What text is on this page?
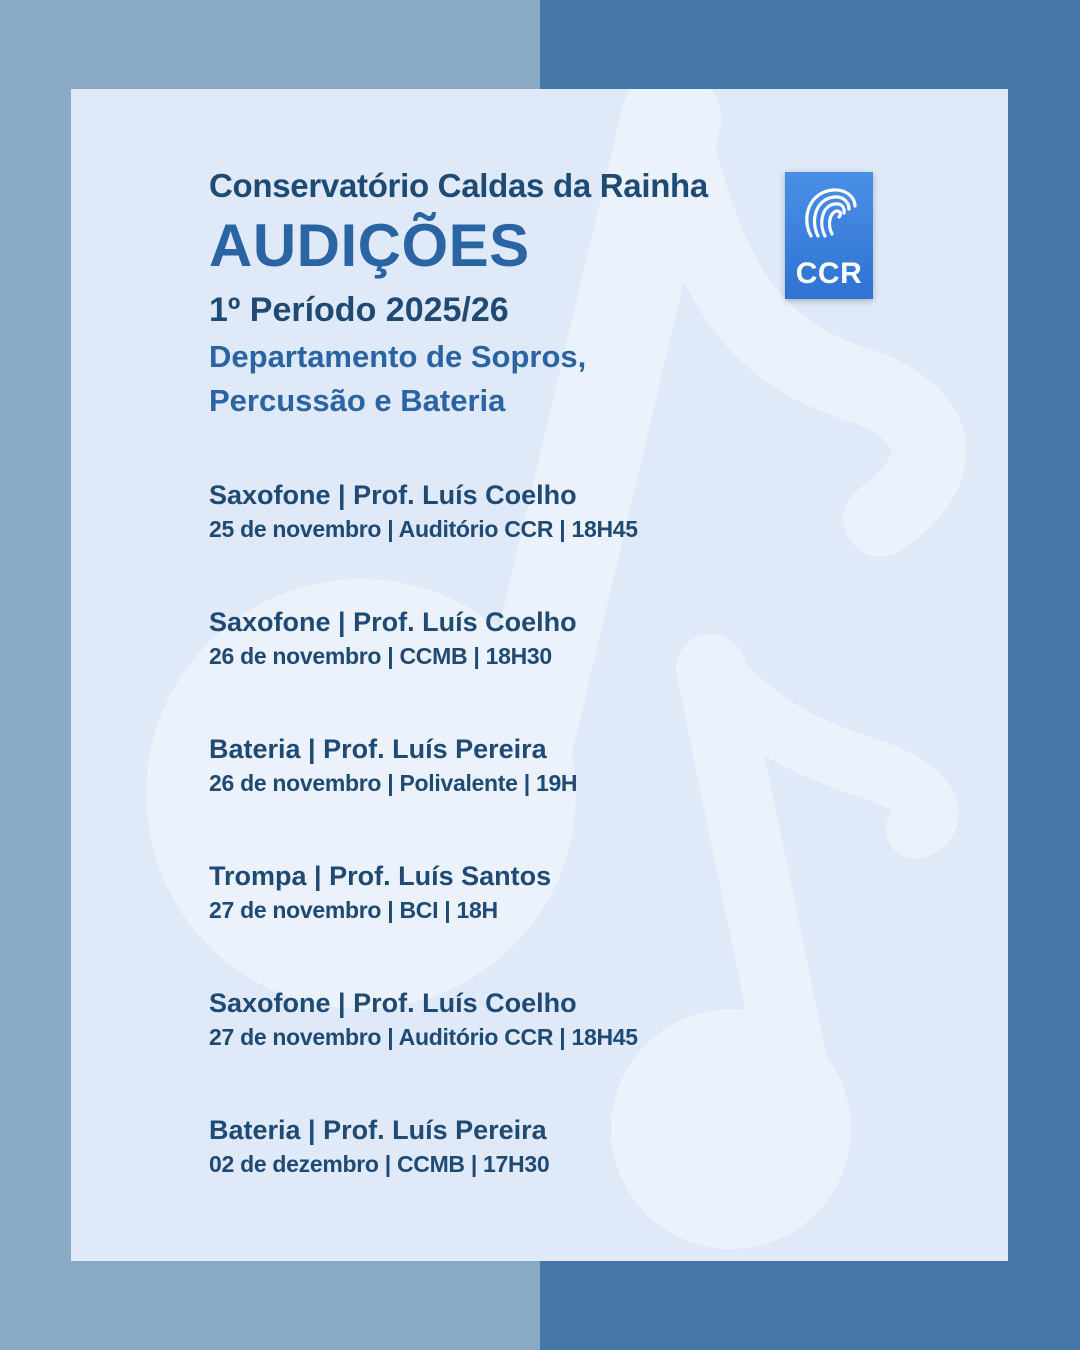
Conservatório Caldas da Rainha

AUDIÇÕES

1º Período 2025/26

Departamento de Sopros,

Percussão e Bateria

Saxofone | Prof. Luís Coelho

25 de novembro | Auditório CCR | 18H45

Saxofone | Prof. Luís Coelho

26 de novembro | CCMB | 18H30

Bateria | Prof. Luís Pereira

26 de novembro | Polivalente | 19H

Trompa | Prof. Luís Santos

27 de novembro | BCI | 18H

Saxofone | Prof. Luís Coelho

27 de novembro | Auditório CCR | 18H45

Bateria | Prof. Luís Pereira

02 de dezembro | CCMB | 17H30

CCR
